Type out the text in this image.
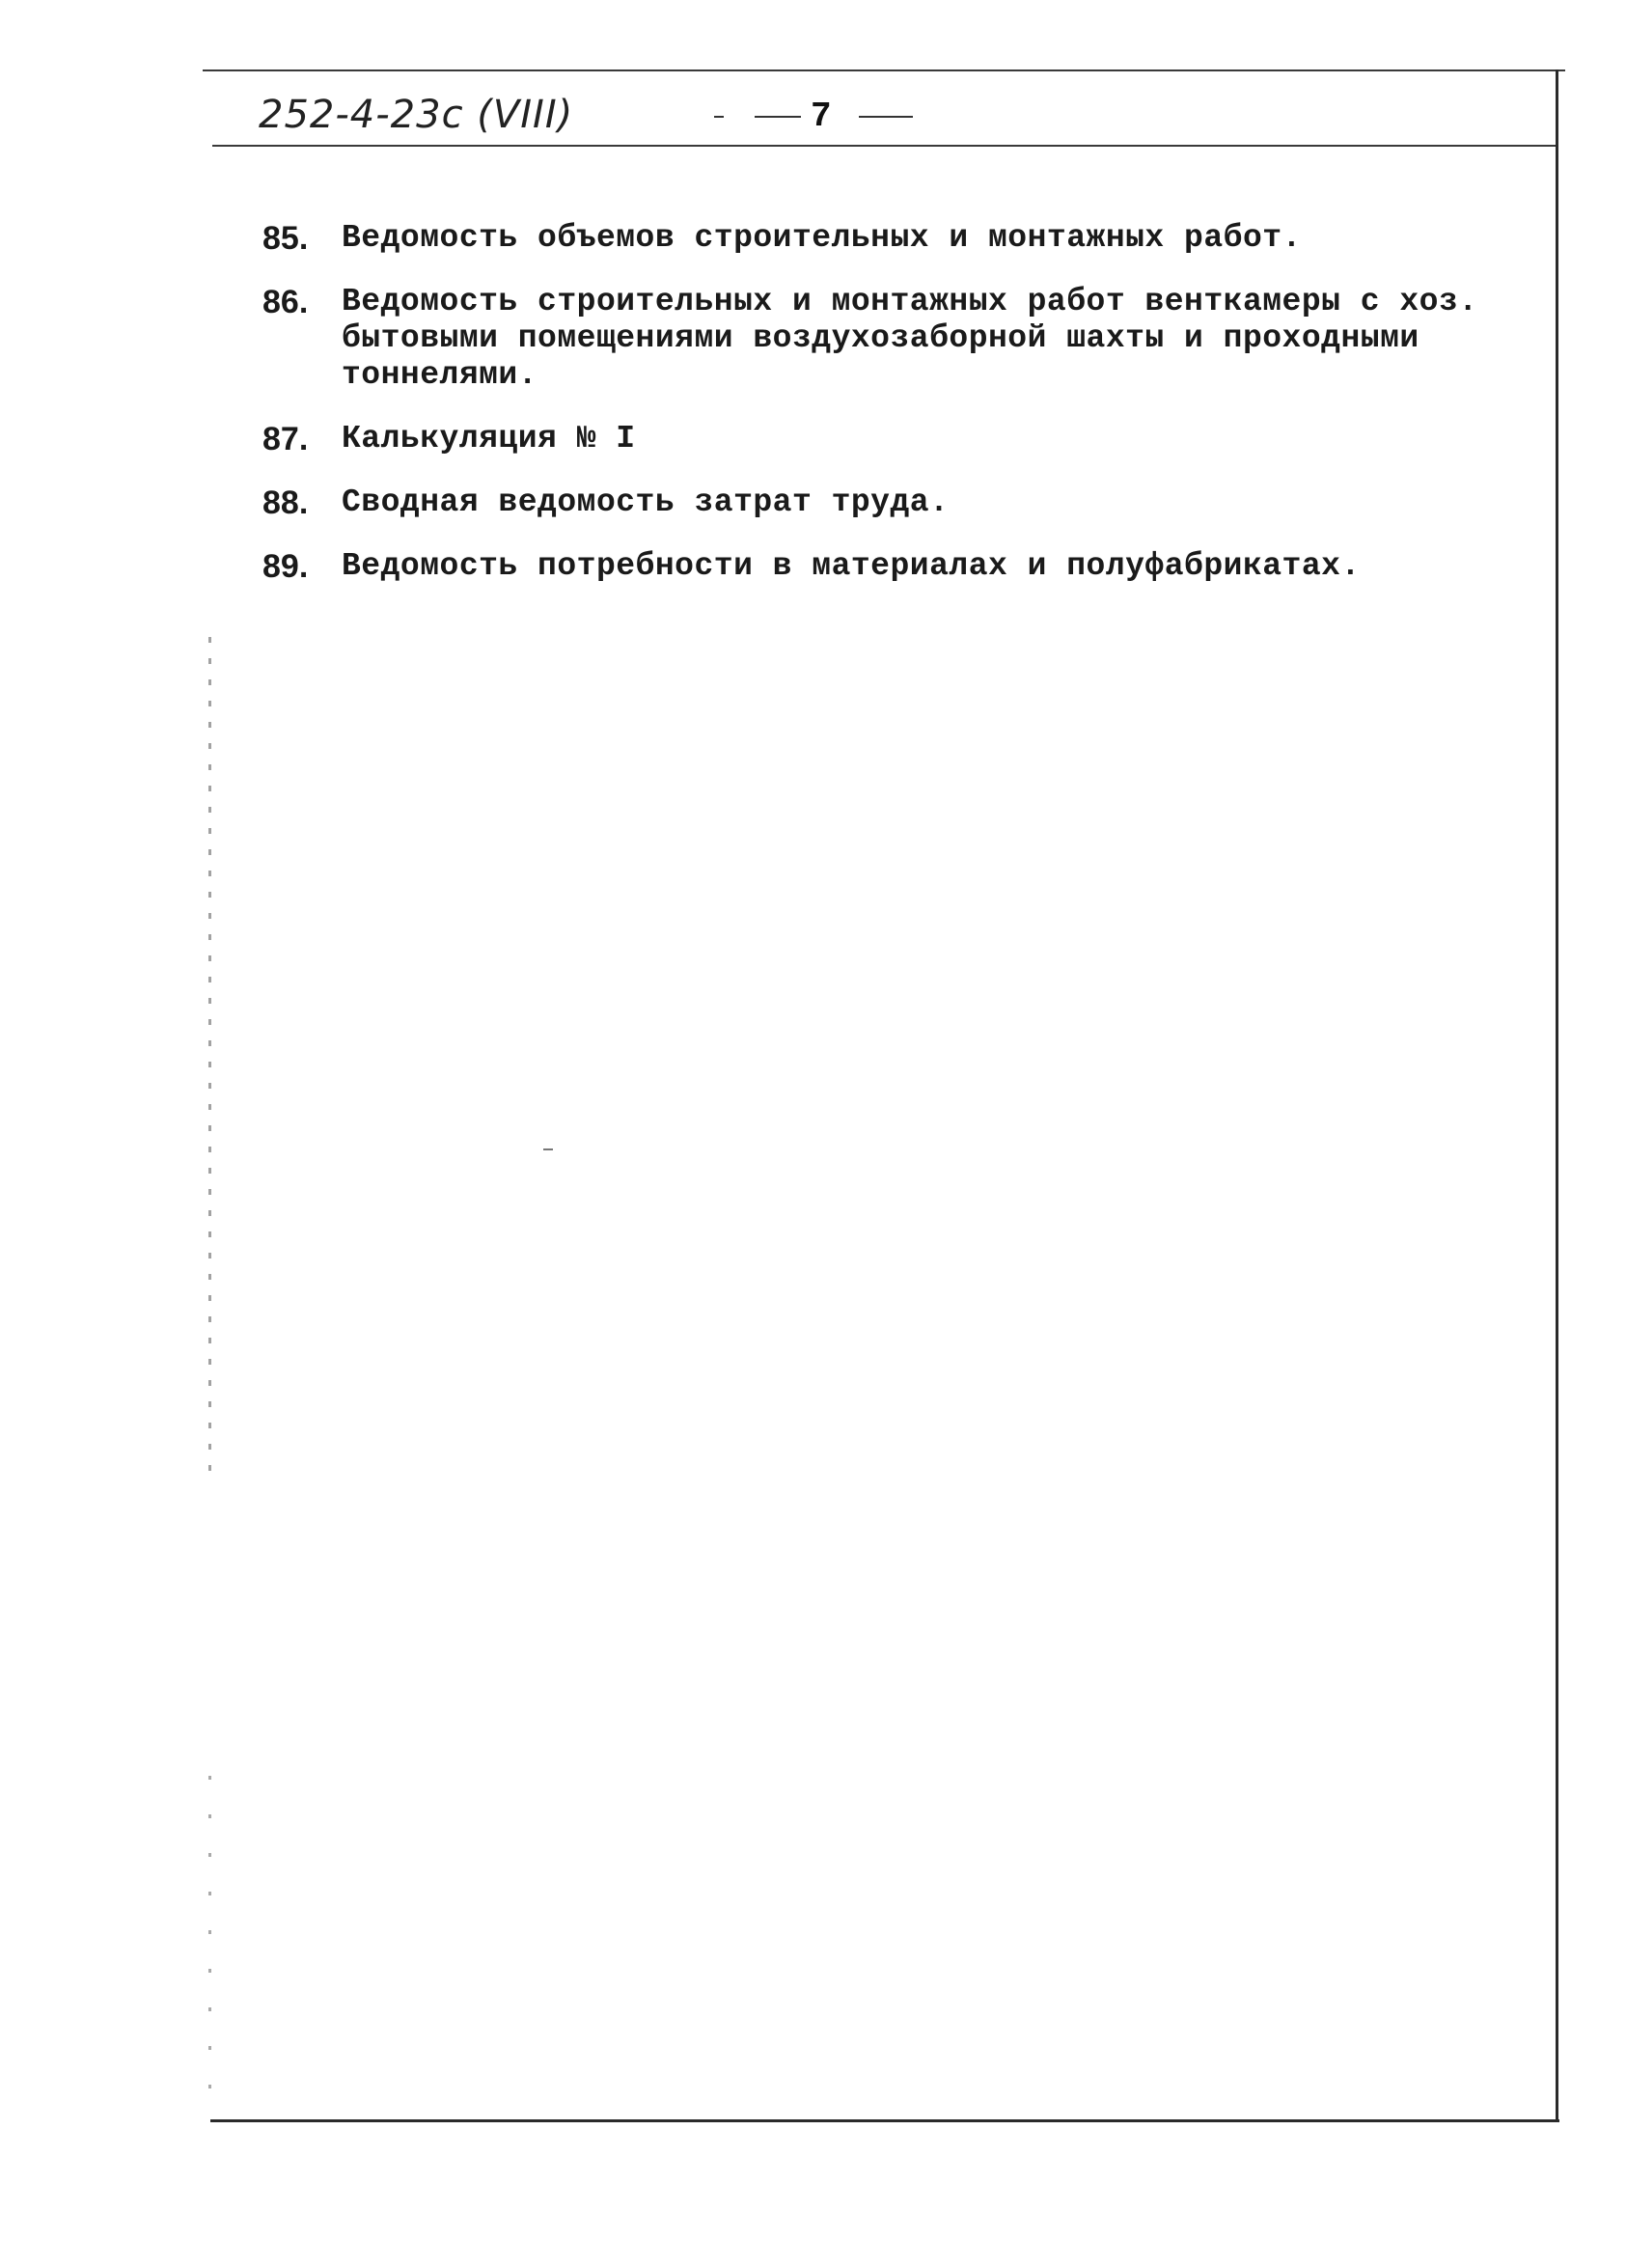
252-4-23с (VIII)	7
85.	Ведомость объемов строительных и монтажных работ.
86.	Ведомость строительных и монтажных работ венткамеры с хоз. бытовыми помещениями воздухозаборной шахты и проходными тоннелями.
87.	Калькуляция № I
88.	Сводная ведомость затрат труда.
89.	Ведомость потребности в материалах и полуфабрикатах.
